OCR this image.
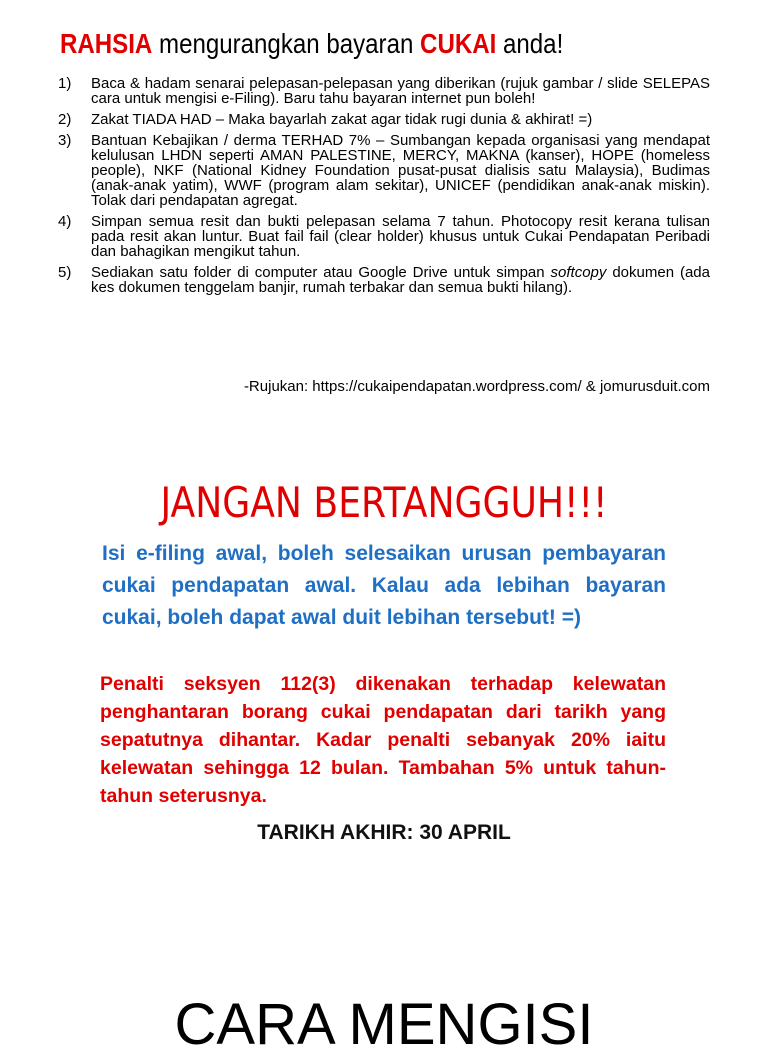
RAHSIA mengurangkan bayaran CUKAI anda!
1) Baca & hadam senarai pelepasan-pelepasan yang diberikan (rujuk gambar / slide SELEPAS cara untuk mengisi e-Filing). Baru tahu bayaran internet pun boleh!
2) Zakat TIADA HAD – Maka bayarlah zakat agar tidak rugi dunia & akhirat! =)
3) Bantuan Kebajikan / derma TERHAD 7% – Sumbangan kepada organisasi yang mendapat kelulusan LHDN seperti AMAN PALESTINE, MERCY, MAKNA (kanser), HOPE (homeless people), NKF (National Kidney Foundation pusat-pusat dialisis satu Malaysia), Budimas (anak-anak yatim), WWF (program alam sekitar), UNICEF (pendidikan anak-anak miskin). Tolak dari pendapatan agregat.
4) Simpan semua resit dan bukti pelepasan selama 7 tahun. Photocopy resit kerana tulisan pada resit akan luntur. Buat fail fail (clear holder) khusus untuk Cukai Pendapatan Peribadi dan bahagikan mengikut tahun.
5) Sediakan satu folder di computer atau Google Drive untuk simpan softcopy dokumen (ada kes dokumen tenggelam banjir, rumah terbakar dan semua bukti hilang).
-Rujukan: https://cukaipendapatan.wordpress.com/ & jomurusduit.com
JANGAN BERTANGGUH!!!
Isi e-filing awal, boleh selesaikan urusan pembayaran cukai pendapatan awal. Kalau ada lebihan bayaran cukai, boleh dapat awal duit lebihan tersebut! =)
Penalti seksyen 112(3) dikenakan terhadap kelewatan penghantaran borang cukai pendapatan dari tarikh yang sepatutnya dihantar. Kadar penalti sebanyak 20% iaitu kelewatan sehingga 12 bulan. Tambahan 5% untuk tahun-tahun seterusnya.
TARIKH AKHIR: 30 APRIL
CARA MENGISI
